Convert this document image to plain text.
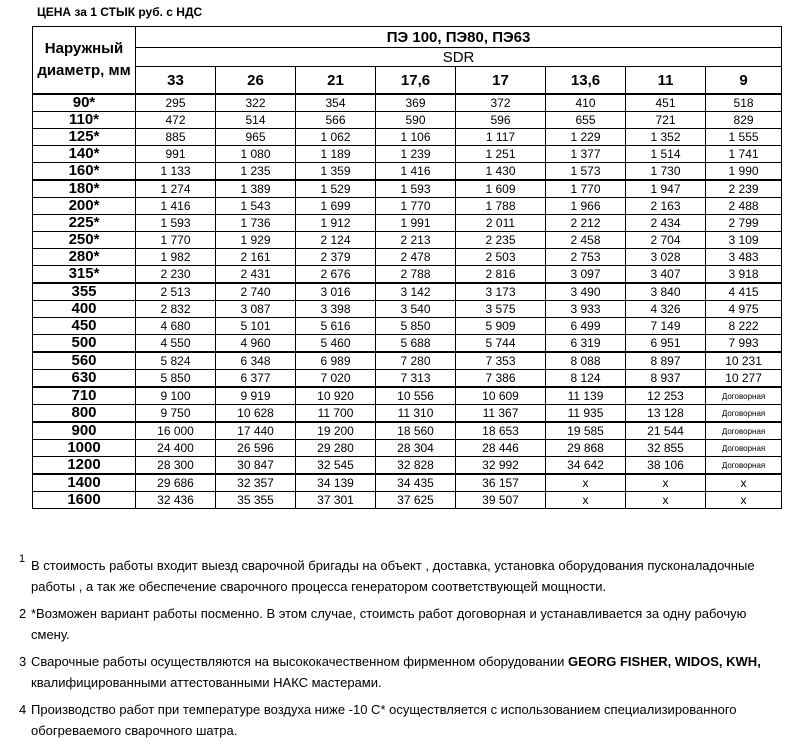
ЦЕНА за 1 СТЫК руб. с НДС
Наружный диаметр, мм	ПЭ 100, ПЭ80, ПЭ63							
	SDR							
	33	26	21	17,6	17	13,6	11	9
90*	295	322	354	369	372	410	451	518
110*	472	514	566	590	596	655	721	829
125*	885	965	1 062	1 106	1 117	1 229	1 352	1 555
140*	991	1 080	1 189	1 239	1 251	1 377	1 514	1 741
160*	1 133	1 235	1 359	1 416	1 430	1 573	1 730	1 990
180*	1 274	1 389	1 529	1 593	1 609	1 770	1 947	2 239
200*	1 416	1 543	1 699	1 770	1 788	1 966	2 163	2 488
225*	1 593	1 736	1 912	1 991	2 011	2 212	2 434	2 799
250*	1 770	1 929	2 124	2 213	2 235	2 458	2 704	3 109
280*	1 982	2 161	2 379	2 478	2 503	2 753	3 028	3 483
315*	2 230	2 431	2 676	2 788	2 816	3 097	3 407	3 918
355	2 513	2 740	3 016	3 142	3 173	3 490	3 840	4 415
400	2 832	3 087	3 398	3 540	3 575	3 933	4 326	4 975
450	4 680	5 101	5 616	5 850	5 909	6 499	7 149	8 222
500	4 550	4 960	5 460	5 688	5 744	6 319	6 951	7 993
560	5 824	6 348	6 989	7 280	7 353	8 088	8 897	10 231
630	5 850	6 377	7 020	7 313	7 386	8 124	8 937	10 277
710	9 100	9 919	10 920	10 556	10 609	11 139	12 253	Договорная
800	9 750	10 628	11 700	11 310	11 367	11 935	13 128	Договорная
900	16 000	17 440	19 200	18 560	18 653	19 585	21 544	Договорная
1000	24 400	26 596	29 280	28 304	28 446	29 868	32 855	Договорная
1200	28 300	30 847	32 545	32 828	32 992	34 642	38 106	Договорная
1400	29 686	32 357	34 139	34 435	36 157	х	х	х
1600	32 436	35 355	37 301	37 625	39 507	х	х	х
1 В стоимость работы входит выезд сварочной бригады на объект , доставка, установка оборудования пусконаладочные работы , а так же обеспечение сварочного процесса генератором соответствующей мощности.
2 *Возможен вариант работы посменно. В этом случае, стоимсть работ договорная и устанавливается за одну рабочую смену.
3 Сварочные работы осуществляются на высококачественном фирменном оборудовании GEORG FISHER, WIDOS, KWH, квалифицированными аттестованными НАКС мастерами.
4 Производство работ при температуре воздуха ниже -10 С* осуществляется с использованием специализированного обогреваемого сварочного шатра.
